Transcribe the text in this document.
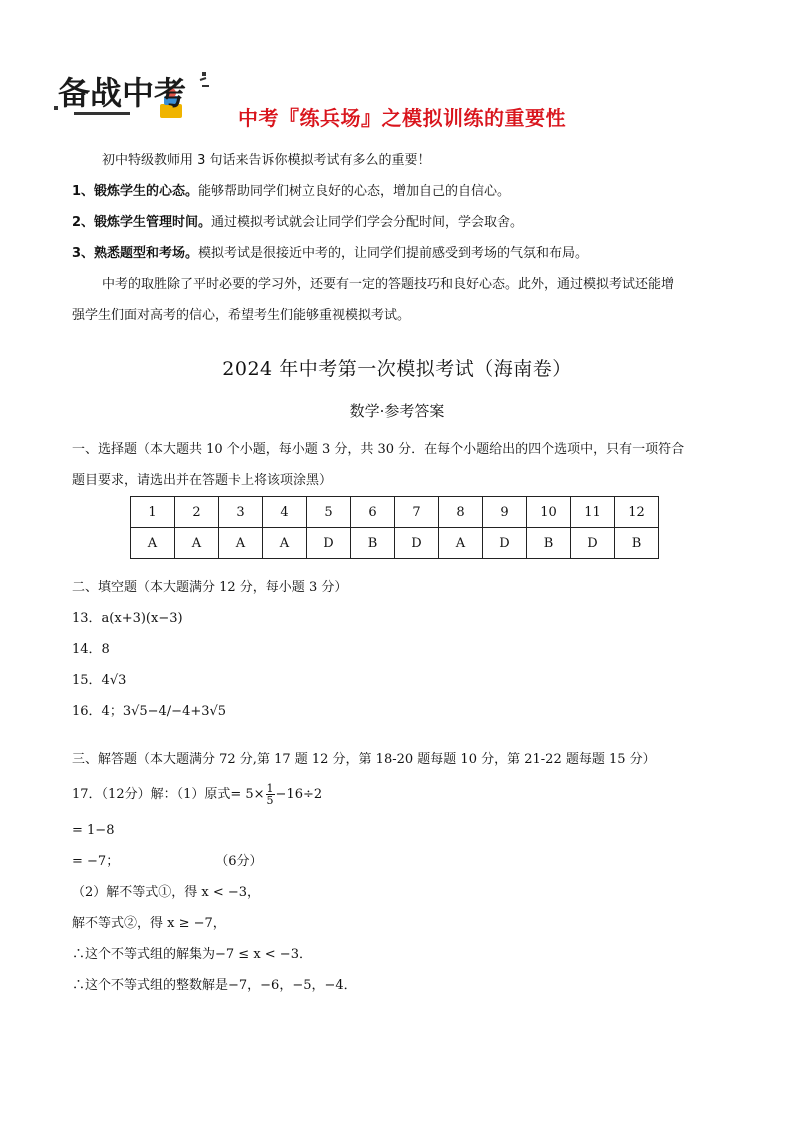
备战中考
中考『练兵场』之模拟训练的重要性

初中特级教师用 3 句话来告诉你模拟考试有多么的重要！

1、锻炼学生的心态。能够帮助同学们树立良好的心态，增加自己的自信心。

2、锻炼学生管理时间。通过模拟考试就会让同学们学会分配时间，学会取舍。

3、熟悉题型和考场。模拟考试是很接近中考的，让同学们提前感受到考场的气氛和布局。

中考的取胜除了平时必要的学习外，还要有一定的答题技巧和良好心态。此外，通过模拟考试还能增

强学生们面对高考的信心，希望考生们能够重视模拟考试。

2024 年中考第一次模拟考试（海南卷）
数学·参考答案
一、选择题（本大题共 10 个小题，每小题 3 分，共 30 分．在每个小题给出的四个选项中，只有一项符合
题目要求，请选出并在答题卡上将该项涂黑）
1	2	3	4	5	6	7	8	9	10	11	12
A	A	A	A	D	B	D	A	D	B	D	B
二、填空题（本大题满分 12 分，每小题 3 分）
13．a(x+3)(x−3)
14．8
15．4√3
16．4；3√5−4/−4+3√5
三、解答题（本大题满分 72 分,第 17 题 12 分，第 18-20 题每题 10 分，第 21-22 题每题 15 分）
17．（12分）解：（1）原式= $5\times \frac{1}{5} -16\div 2$
= 1−8
= −7；	（6分）
（2）解不等式①，得 x < −3，
解不等式②，得 x ≥ −7，
∴这个不等式组的解集为−7 ≤ x < −3．
∴这个不等式组的整数解是−7，−6，−5，−4．
